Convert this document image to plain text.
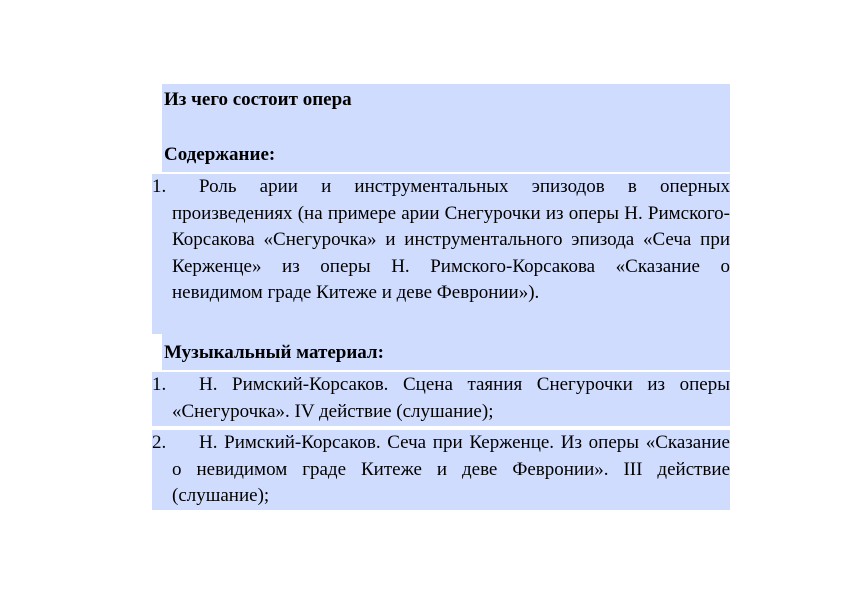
Из чего состоит опера
Содержание:
1.	Роль арии и инструментальных эпизодов в оперных произведениях (на примере арии Снегурочки из оперы Н. Римского-Корсакова «Снегурочка» и инструментального эпизода «Сеча при Керженце» из оперы Н. Римского-Корсакова «Сказание о невидимом граде Китеже и деве Февронии»).
Музыкальный материал:
1.	Н. Римский-Корсаков. Сцена таяния Снегурочки из оперы «Снегурочка». IV действие (слушание);
2.	Н. Римский-Корсаков. Сеча при Керженце. Из оперы «Сказание о невидимом граде Китеже и деве Февронии». III действие (слушание);
